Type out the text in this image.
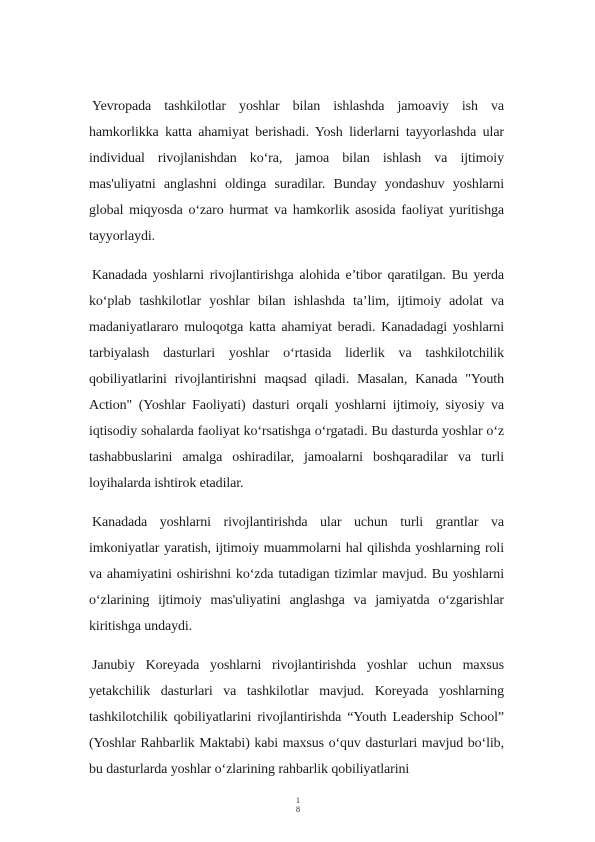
Yevropada tashkilotlar yoshlar bilan ishlashda jamoaviy ish va hamkorlikka katta ahamiyat berishadi. Yosh liderlarni tayyorlashda ular individual rivojlanishdan ko‘ra, jamoa bilan ishlash va ijtimoiy mas'uliyatni anglashni oldinga suradilar. Bunday yondashuv yoshlarni global miqyosda o‘zaro hurmat va hamkorlik asosida faoliyat yuritishga tayyorlaydi.

Kanadada yoshlarni rivojlantirishga alohida e’tibor qaratilgan. Bu yerda ko‘plab tashkilotlar yoshlar bilan ishlashda ta’lim, ijtimoiy adolat va madaniyatlararo muloqotga katta ahamiyat beradi. Kanadadagi yoshlarni tarbiyalash dasturlari yoshlar o‘rtasida liderlik va tashkilotchilik qobiliyatlarini rivojlantirishni maqsad qiladi. Masalan, Kanada "Youth Action" (Yoshlar Faoliyati) dasturi orqali yoshlarni ijtimoiy, siyosiy va iqtisodiy sohalarda faoliyat ko‘rsatishga o‘rgatadi. Bu dasturda yoshlar o‘z tashabbuslarini amalga oshiradilar, jamoalarni boshqaradilar va turli loyihalarda ishtirok etadilar.

Kanadada yoshlarni rivojlantirishda ular uchun turli grantlar va imkoniyatlar yaratish, ijtimoiy muammolarni hal qilishda yoshlarning roli va ahamiyatini oshirishni ko‘zda tutadigan tizimlar mavjud. Bu yoshlarni o‘zlarining ijtimoiy mas'uliyatini anglashga va jamiyatda o‘zgarishlar kiritishga undaydi.

Janubiy Koreyada yoshlarni rivojlantirishda yoshlar uchun maxsus yetakchilik dasturlari va tashkilotlar mavjud. Koreyada yoshlarning tashkilotchilik qobiliyatlarini rivojlantirishda “Youth Leadership School” (Yoshlar Rahbarlik Maktabi) kabi maxsus o‘quv dasturlari mavjud bo‘lib, bu dasturlarda yoshlar o‘zlarining rahbarlik qobiliyatlarini

1
8
